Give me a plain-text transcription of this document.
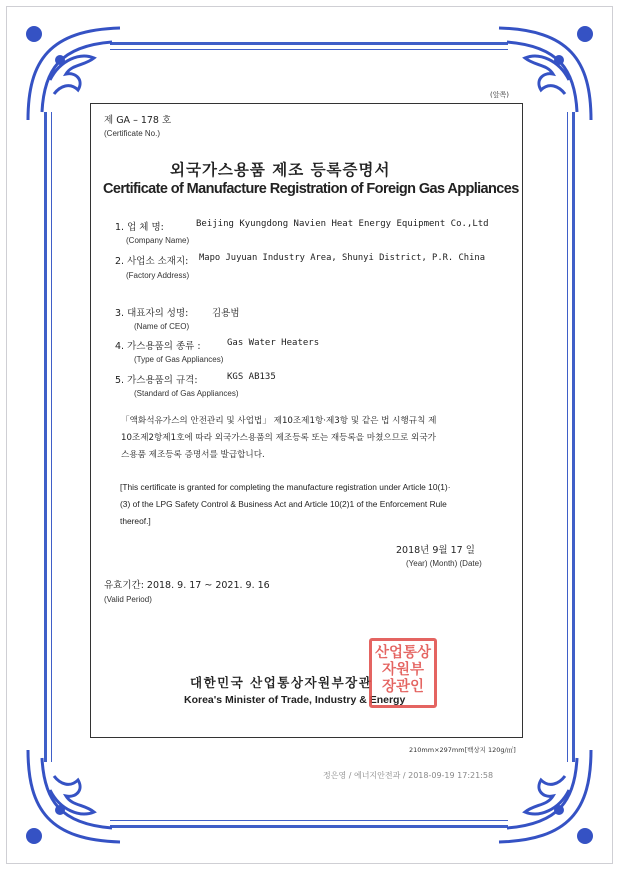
(앞쪽)
제 GA – 178 호
(Certificate No.)
외국가스용품 제조 등록증명서
Certificate of Manufacture Registration of Foreign Gas Appliances
1. 업 체 명:	Beijing Kyungdong Navien Heat Energy Equipment Co.,Ltd
(Company Name)
2. 사업소 소재지: Mapo Juyuan Industry Area, Shunyi District, P.R. China
(Factory Address)
3. 대표자의 성명: 김용범
(Name of CEO)
4. 가스용품의 종류 :	Gas Water Heaters
(Type of Gas Appliances)
5. 가스용품의 규격:	KGS AB135
(Standard of Gas Appliances)
「액화석유가스의 안전관리 및 사업법」 제10조제1항·제3항 및 같은 법 시행규칙 제
10조제2항제1호에 따라 외국가스용품의 제조등록 또는 재등록을 마쳤으므로 외국가
스용품 제조등록 증명서를 발급합니다.
[This certificate is granted for completing the manufacture registration under Article 10(1)·
(3) of the LPG Safety Control & Business Act and Article 10(2)1 of the Enforcement Rule
thereof.]
2018년 9월 17 일
(Year) (Month) (Date)
유효기간: 2018. 9. 17 ~ 2021. 9. 16
(Valid Period)
대한민국 산업통상자원부장관
Korea's Minister of Trade, Industry & Energy
산업통상
자원부
장관인
210mm×297mm[백상지 120g/㎡]
정은영 / 에너지안전과 / 2018-09-19 17:21:58
